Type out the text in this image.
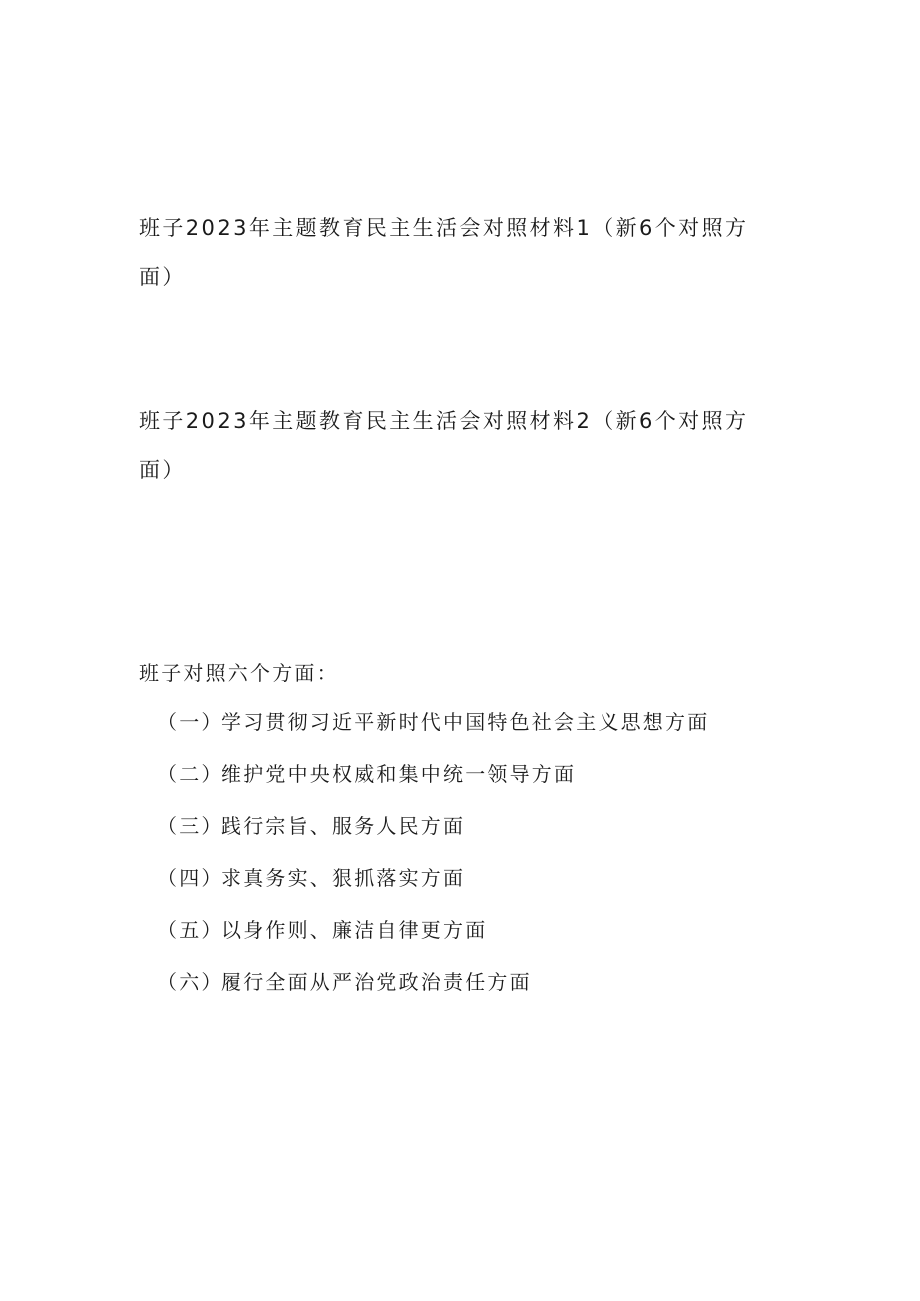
班子2023年主题教育民主生活会对照材料1（新6个对照方面）

班子2023年主题教育民主生活会对照材料2（新6个对照方面）

班子对照六个方面：

（一）学习贯彻习近平新时代中国特色社会主义思想方面
（二）维护党中央权威和集中统一领导方面
（三）践行宗旨、服务人民方面
（四）求真务实、狠抓落实方面
（五）以身作则、廉洁自律更方面
（六）履行全面从严治党政治责任方面
